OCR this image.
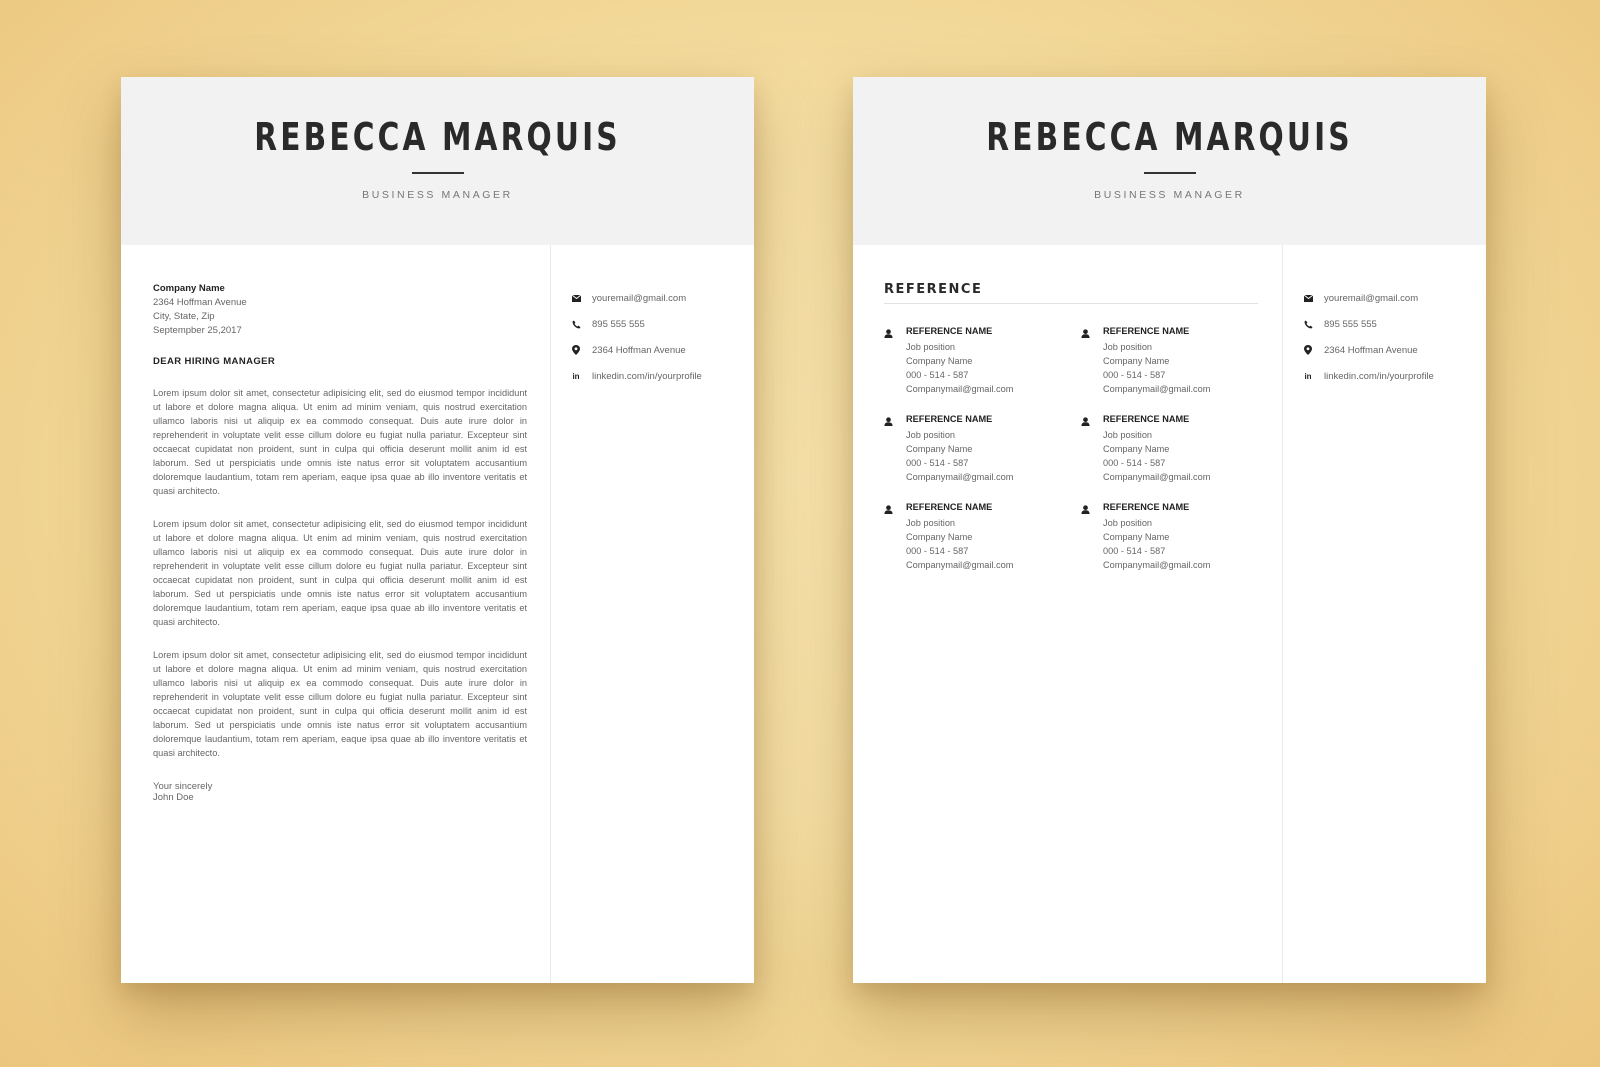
REBECCA MARQUIS
BUSINESS MANAGER
Company Name
2364 Hoffman Avenue
City, State, Zip
Septempber 25,2017
DEAR HIRING MANAGER

Lorem ipsum dolor sit amet, consectetur adipisicing elit, sed do eiusmod tempor incididunt ut labore et dolore magna aliqua. Ut enim ad minim veniam, quis nostrud exercitation ullamco laboris nisi ut aliquip ex ea commodo consequat. Duis aute irure dolor in reprehenderit in voluptate velit esse cillum dolore eu fugiat nulla pariatur. Excepteur sint occaecat cupidatat non proident, sunt in culpa qui officia deserunt mollit anim id est laborum. Sed ut perspiciatis unde omnis iste natus error sit voluptatem accusantium doloremque laudantium, totam rem aperiam, eaque ipsa quae ab illo inventore veritatis et quasi architecto.

Lorem ipsum dolor sit amet, consectetur adipisicing elit, sed do eiusmod tempor incididunt ut labore et dolore magna aliqua. Ut enim ad minim veniam, quis nostrud exercitation ullamco laboris nisi ut aliquip ex ea commodo consequat. Duis aute irure dolor in reprehenderit in voluptate velit esse cillum dolore eu fugiat nulla pariatur. Excepteur sint occaecat cupidatat non proident, sunt in culpa qui officia deserunt mollit anim id est laborum. Sed ut perspiciatis unde omnis iste natus error sit voluptatem accusantium doloremque laudantium, totam rem aperiam, eaque ipsa quae ab illo inventore veritatis et quasi architecto.

Lorem ipsum dolor sit amet, consectetur adipisicing elit, sed do eiusmod tempor incididunt ut labore et dolore magna aliqua. Ut enim ad minim veniam, quis nostrud exercitation ullamco laboris nisi ut aliquip ex ea commodo consequat. Duis aute irure dolor in reprehenderit in voluptate velit esse cillum dolore eu fugiat nulla pariatur. Excepteur sint occaecat cupidatat non proident, sunt in culpa qui officia deserunt mollit anim id est laborum. Sed ut perspiciatis unde omnis iste natus error sit voluptatem accusantium doloremque laudantium, totam rem aperiam, eaque ipsa quae ab illo inventore veritatis et quasi architecto.

Your sincerely
John Doe
youremail@gmail.com
895 555 555
2364 Hoffman Avenue
in linkedin.com/in/yourprofile
REBECCA MARQUIS
BUSINESS MANAGER
REFERENCE
REFERENCE NAME
Job position
Company Name
000 - 514 - 587
Companymail@gmail.com
REFERENCE NAME
Job position
Company Name
000 - 514 - 587
Companymail@gmail.com
REFERENCE NAME
Job position
Company Name
000 - 514 - 587
Companymail@gmail.com
REFERENCE NAME
Job position
Company Name
000 - 514 - 587
Companymail@gmail.com
REFERENCE NAME
Job position
Company Name
000 - 514 - 587
Companymail@gmail.com
REFERENCE NAME
Job position
Company Name
000 - 514 - 587
Companymail@gmail.com
youremail@gmail.com
895 555 555
2364 Hoffman Avenue
in linkedin.com/in/yourprofile
